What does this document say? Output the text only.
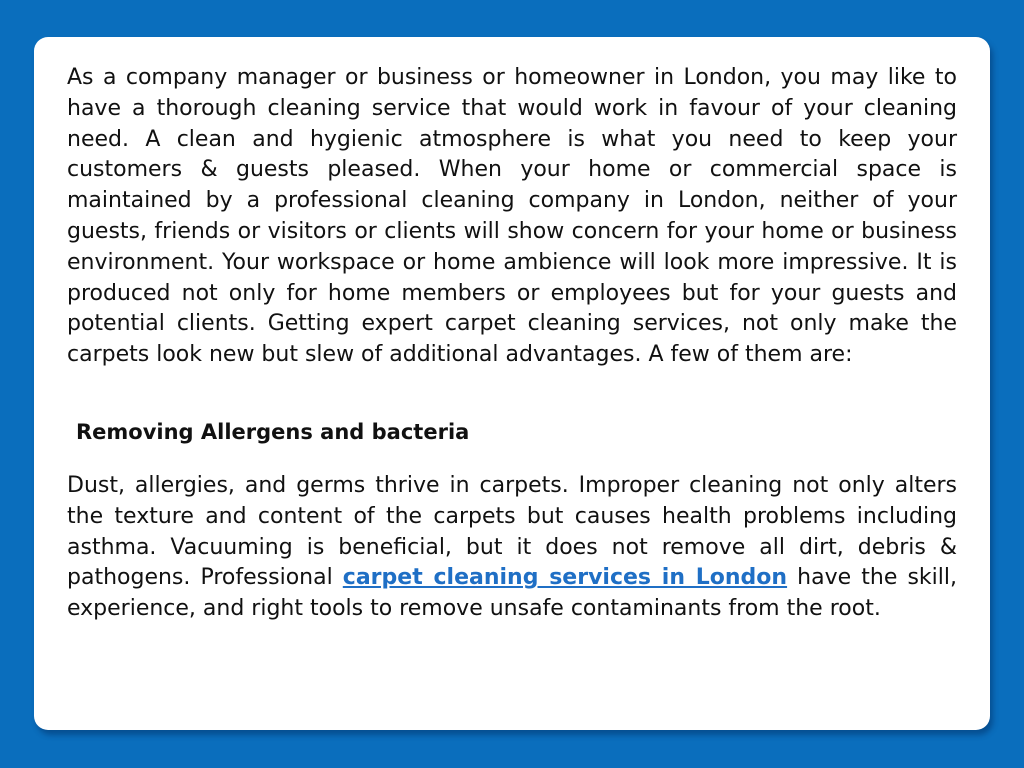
As a company manager or business or homeowner in London, you may like to have a thorough cleaning service that would work in favour of your cleaning need. A clean and hygienic atmosphere is what you need to keep your customers & guests pleased. When your home or commercial space is maintained by a professional cleaning company in London, neither of your guests, friends or visitors or clients will show concern for your home or business environment. Your workspace or home ambience will look more impressive. It is produced not only for home members or employees but for your guests and potential clients. Getting expert carpet cleaning services, not only make the carpets look new but slew of additional advantages. A few of them are:

Removing Allergens and bacteria

Dust, allergies, and germs thrive in carpets. Improper cleaning not only alters the texture and content of the carpets but causes health problems including asthma. Vacuuming is beneficial, but it does not remove all dirt, debris & pathogens. Professional carpet cleaning services in London have the skill, experience, and right tools to remove unsafe contaminants from the root.
